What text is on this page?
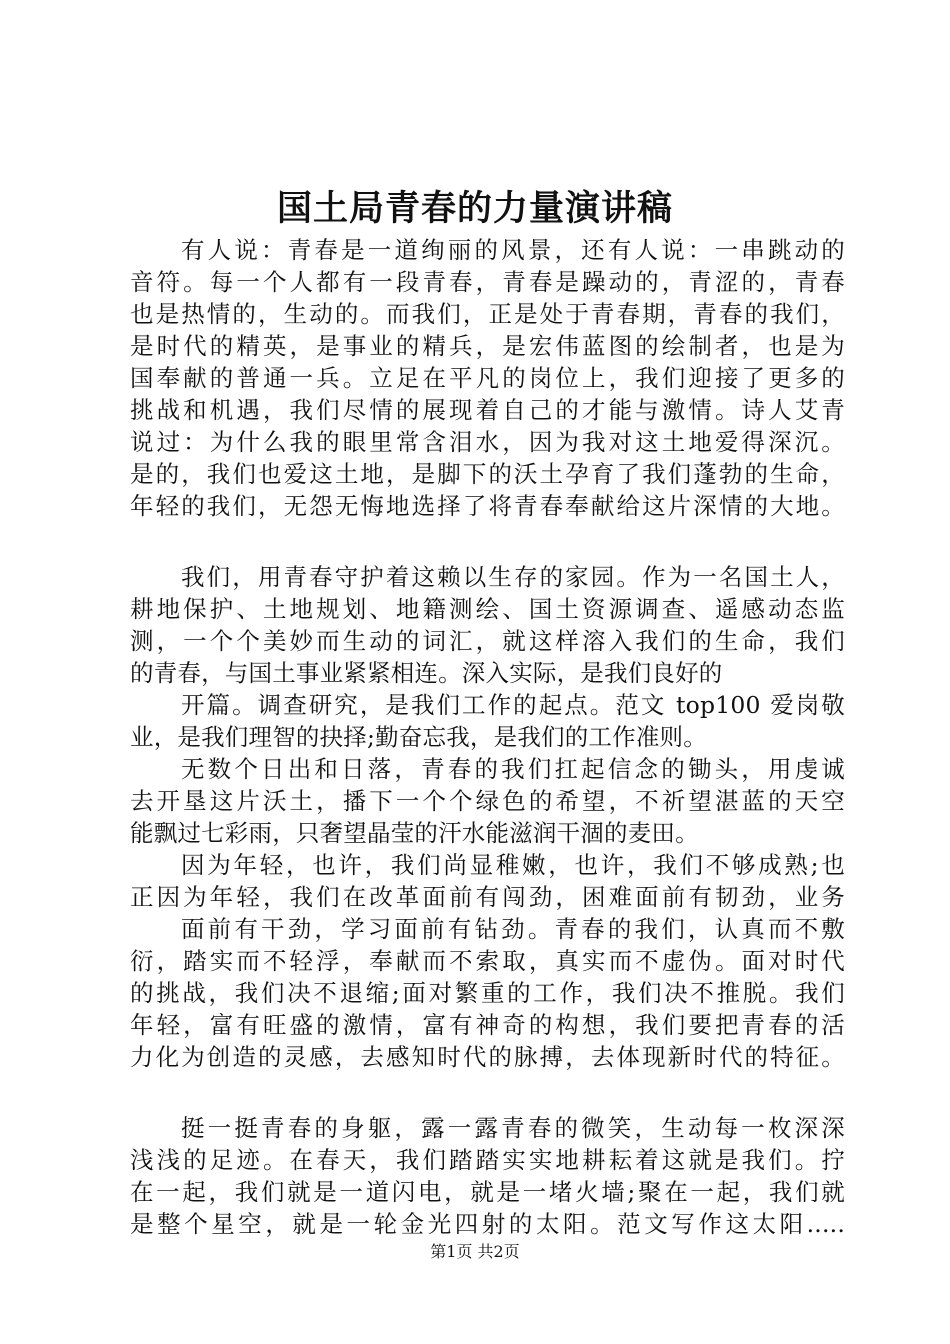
国土局青春的力量演讲稿
有人说：青春是一道绚丽的风景，还有人说：一串跳动的
音符。每一个人都有一段青春，青春是躁动的，青涩的，青春
也是热情的，生动的。而我们，正是处于青春期，青春的我们，
是时代的精英，是事业的精兵，是宏伟蓝图的绘制者，也是为
国奉献的普通一兵。立足在平凡的岗位上，我们迎接了更多的
挑战和机遇，我们尽情的展现着自己的才能与激情。诗人艾青
说过：为什么我的眼里常含泪水，因为我对这土地爱得深沉。
是的，我们也爱这土地，是脚下的沃土孕育了我们蓬勃的生命，
年轻的我们，无怨无悔地选择了将青春奉献给这片深情的大地。
我们，用青春守护着这赖以生存的家园。作为一名国土人，
耕地保护、土地规划、地籍测绘、国土资源调查、遥感动态监
测，一个个美妙而生动的词汇，就这样溶入我们的生命，我们
的青春，与国土事业紧紧相连。深入实际，是我们良好的
开篇。调查研究，是我们工作的起点。范文 top100 爱岗敬
业，是我们理智的抉择;勤奋忘我，是我们的工作准则。
无数个日出和日落，青春的我们扛起信念的锄头，用虔诚
去开垦这片沃土，播下一个个绿色的希望，不祈望湛蓝的天空
能飘过七彩雨，只奢望晶莹的汗水能滋润干涸的麦田。
因为年轻，也许，我们尚显稚嫩，也许，我们不够成熟;也
正因为年轻，我们在改革面前有闯劲，困难面前有韧劲，业务
面前有干劲，学习面前有钻劲。青春的我们，认真而不敷
衍，踏实而不轻浮，奉献而不索取，真实而不虚伪。面对时代
的挑战，我们决不退缩;面对繁重的工作，我们决不推脱。我们
年轻，富有旺盛的激情，富有神奇的构想，我们要把青春的活
力化为创造的灵感，去感知时代的脉搏，去体现新时代的特征。
挺一挺青春的身躯，露一露青春的微笑，生动每一枚深深
浅浅的足迹。在春天，我们踏踏实实地耕耘着这就是我们。拧
在一起，我们就是一道闪电，就是一堵火墙;聚在一起，我们就
是整个星空，就是一轮金光四射的太阳。范文写作这太阳.....
第1页 共2页
